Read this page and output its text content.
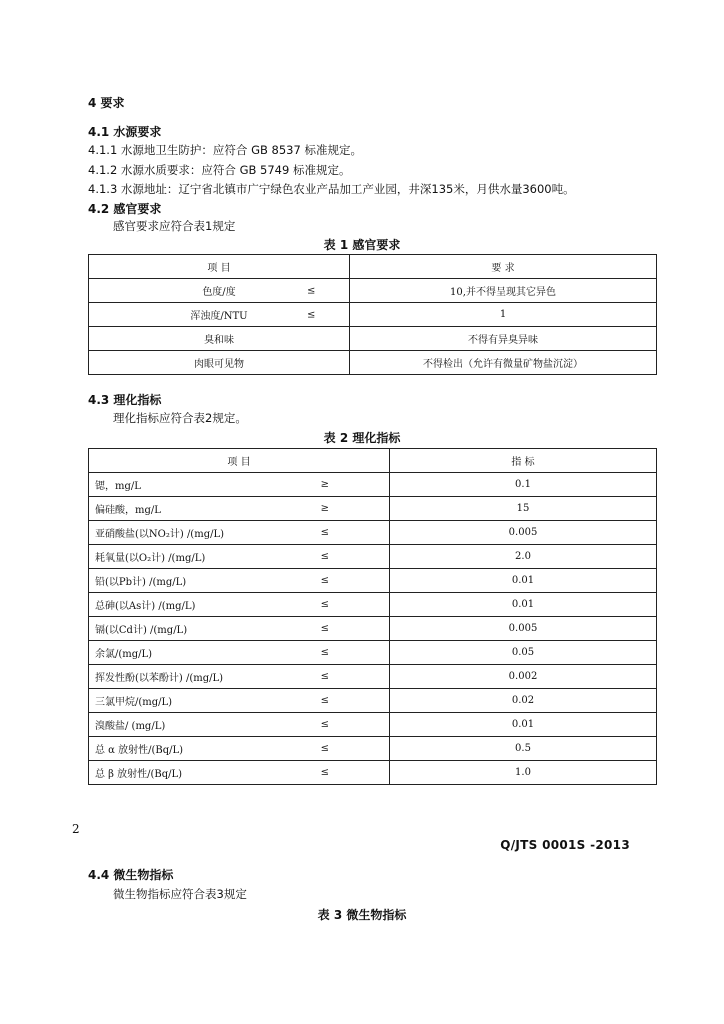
4 要求
4.1 水源要求
4.1.1 水源地卫生防护：应符合 GB 8537 标准规定。
4.1.2 水源水质要求：应符合 GB 5749 标准规定。
4.1.3 水源地址：辽宁省北镇市广宁绿色农业产品加工产业园，井深135米，月供水量3600吨。
4.2 感官要求
感官要求应符合表1规定
表 1 感官要求
项 目	要 求
色度/度 ≤	10,并不得呈现其它异色
浑浊度/NTU ≤	1
臭和味	不得有异臭异味
肉眼可见物	不得检出（允许有微量矿物盐沉淀）
4.3 理化指标
理化指标应符合表2规定。
表 2 理化指标
项 目		指 标
锶，mg/L	≥	0.1
偏硅酸，mg/L	≥	15
亚硝酸盐(以NO₂计) /(mg/L)	≤	0.005
耗氧量(以O₂计) /(mg/L)	≤	2.0
铅(以Pb计) /(mg/L)	≤	0.01
总砷(以As计) /(mg/L)	≤	0.01
镉(以Cd计) /(mg/L)	≤	0.005
余氯/(mg/L)	≤	0.05
挥发性酚(以苯酚计) /(mg/L)	≤	0.002
三氯甲烷/(mg/L)	≤	0.02
溴酸盐/ (mg/L)	≤	0.01
总 α 放射性/(Bq/L)	≤	0.5
总 β 放射性/(Bq/L)	≤	1.0
2
Q/JTS 0001S -2013
4.4 微生物指标
微生物指标应符合表3规定
表 3 微生物指标
